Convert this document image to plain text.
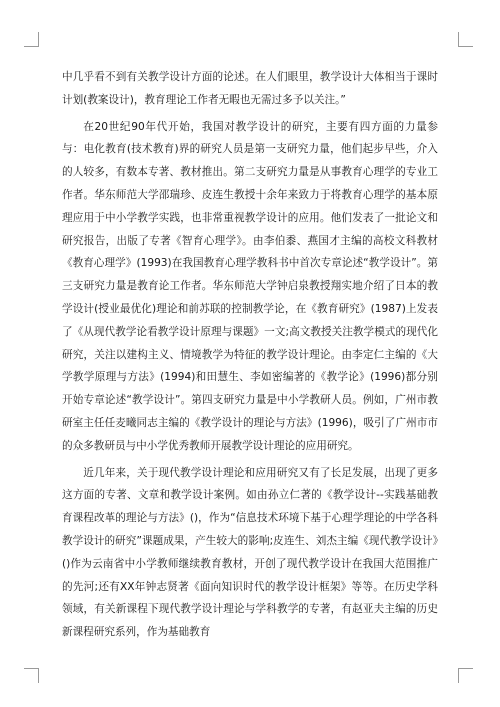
中几乎看不到有关教学设计方面的论述。在人们眼里，教学设计大体相当于课时计划(教案设计)，教育理论工作者无暇也无需过多予以关注。”

在20世纪90年代开始，我国对教学设计的研究，主要有四方面的力量参与：电化教育(技术教育)界的研究人员是第一支研究力量，他们起步早些，介入的人较多，有数本专著、教材推出。第二支研究力量是从事教育心理学的专业工作者。华东师范大学邵瑞珍、皮连生教授十余年来致力于将教育心理学的基本原理应用于中小学教学实践，也非常重视教学设计的应用。他们发表了一批论文和研究报告，出版了专著《智育心理学》。由李伯黍、燕国才主编的高校文科教材《教育心理学》(1993)在我国教育心理学教科书中首次专章论述“教学设计”。第三支研究力量是教育论工作者。华东师范大学钟启泉教授翔实地介绍了日本的教学设计(授业最优化)理论和前苏联的控制教学论，在《教育研究》(1987)上发表了《从现代教学论看教学设计原理与课题》一文;高文教授关注教学模式的现代化研究，关注以建构主义、情境教学为特征的教学设计理论。由李定仁主编的《大学教学原理与方法》(1994)和田慧生、李如密编著的《教学论》(1996)都分别开始专章论述“教学设计”。第四支研究力量是中小学教研人员。例如，广州市教研室主任任麦曦同志主编的《教学设计的理论与方法》(1996)，吸引了广州市市的众多教研员与中小学优秀教师开展教学设计理论的应用研究。

近几年来，关于现代教学设计理论和应用研究又有了长足发展，出现了更多这方面的专著、文章和教学设计案例。如由孙立仁著的《教学设计--实践基础教育课程改革的理论与方法》()，作为“信息技术环境下基于心理学理论的中学各科教学设计的研究”课题成果，产生较大的影响;皮连生、刘杰主编《现代教学设计》()作为云南省中小学教师继续教育教材，开创了现代教学设计在我国大范围推广的先河;还有XX年钟志贤著《面向知识时代的教学设计框架》等等。在历史学科领域，有关新课程下现代教学设计理论与学科教学的专著，有赵亚夫主编的历史新课程研究系列，作为基础教育
